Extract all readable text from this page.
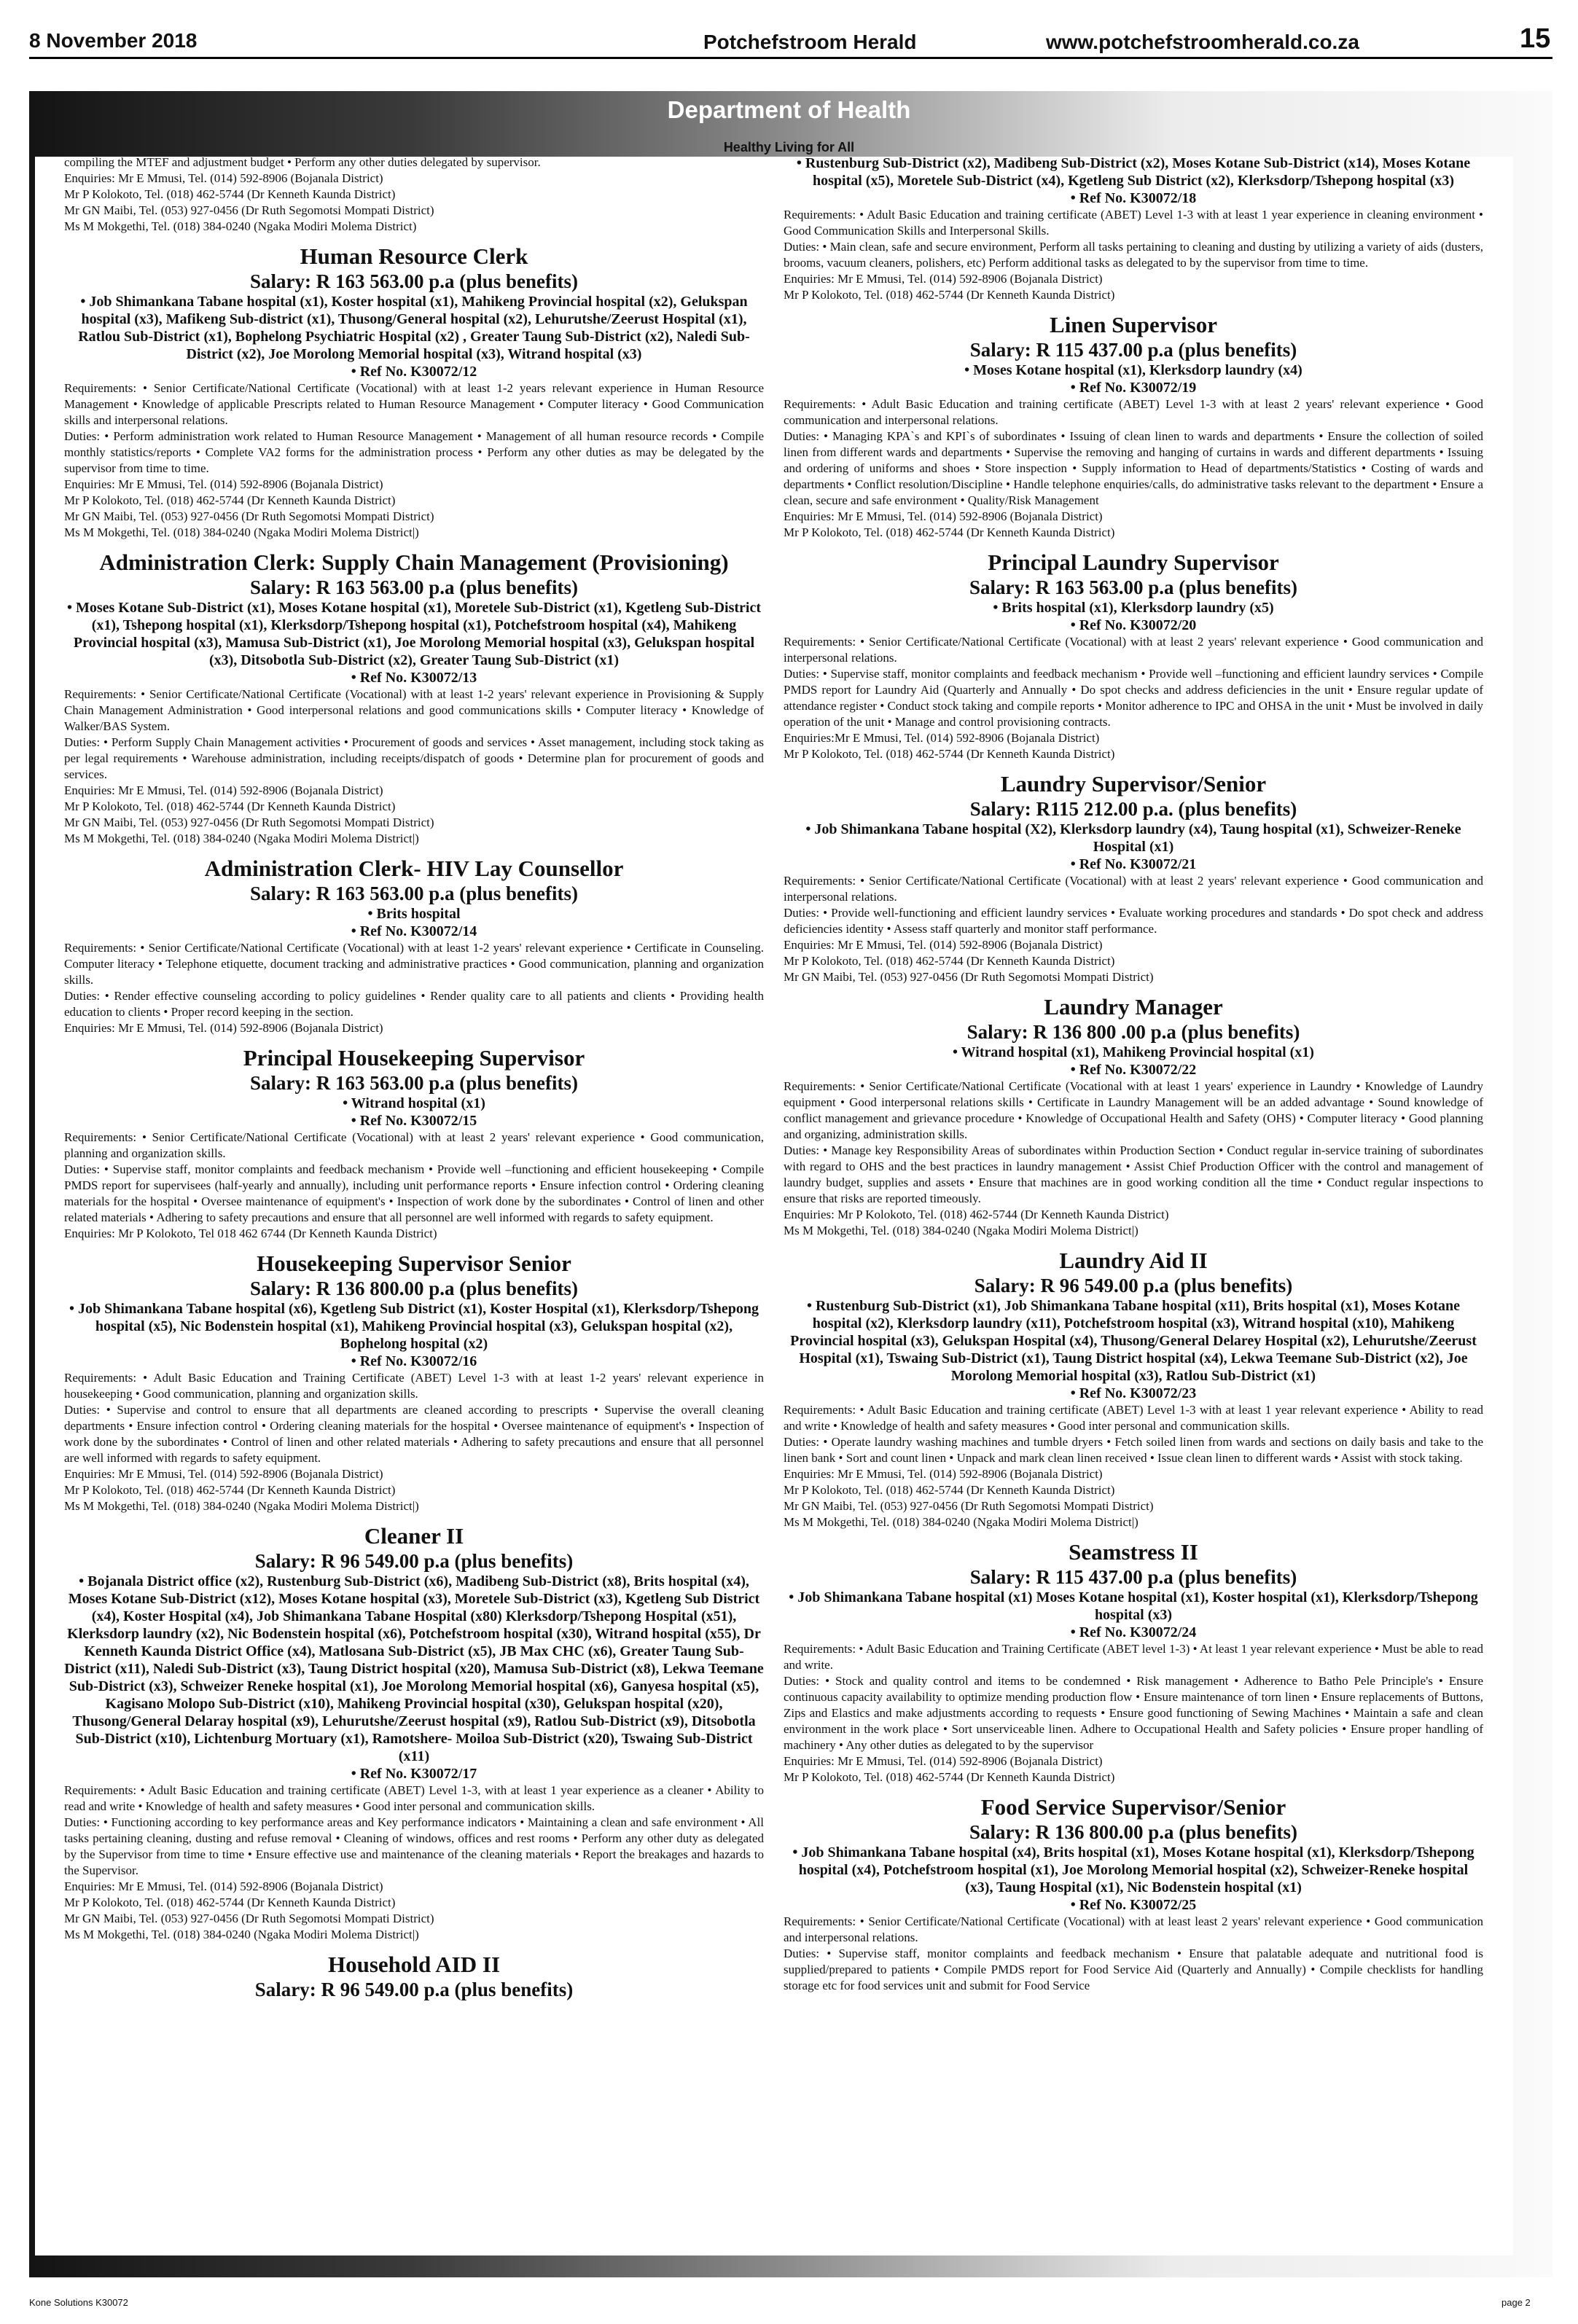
8 November 2018	Potchefstroom Herald	www.potchefstroomherald.co.za	15
Department of Health
Healthy Living for All
compiling the MTEF and adjustment budget • Perform any other duties delegated by supervisor.
Enquiries: Mr E Mmusi, Tel. (014) 592-8906 (Bojanala District)
Mr P Kolokoto, Tel. (018) 462-5744 (Dr Kenneth Kaunda District)
Mr GN Maibi, Tel. (053) 927-0456 (Dr Ruth Segomotsi Mompati District)
Ms M Mokgethi, Tel. (018) 384-0240 (Ngaka Modiri Molema District)
Human Resource Clerk
Salary: R 163 563.00 p.a (plus benefits)
• Job Shimankana Tabane hospital (x1), Koster hospital (x1), Mahikeng Provincial hospital (x2), Gelukspan hospital (x3), Mafikeng Sub-district (x1), Thusong/General hospital (x2), Lehurutshe/Zeerust Hospital (x1), Ratlou Sub-District (x1), Bophelong Psychiatric Hospital (x2) , Greater Taung Sub-District (x2), Naledi Sub-District (x2), Joe Morolong Memorial hospital (x3), Witrand hospital (x3)
• Ref No. K30072/12
Requirements: • Senior Certificate/National Certificate (Vocational) with at least 1-2 years relevant experience in Human Resource Management • Knowledge of applicable Prescripts related to Human Resource Management • Computer literacy • Good Communication skills and interpersonal relations.
Duties: • Perform administration work related to Human Resource Management • Management of all human resource records • Compile monthly statistics/reports • Complete VA2 forms for the administration process • Perform any other duties as may be delegated by the supervisor from time to time.
Enquiries: Mr E Mmusi, Tel. (014) 592-8906 (Bojanala District)
Mr P Kolokoto, Tel. (018) 462-5744 (Dr Kenneth Kaunda District)
Mr GN Maibi, Tel. (053) 927-0456 (Dr Ruth Segomotsi Mompati District)
Ms M Mokgethi, Tel. (018) 384-0240 (Ngaka Modiri Molema District|)
Administration Clerk: Supply Chain Management (Provisioning)
Salary: R 163 563.00 p.a (plus benefits)
• Moses Kotane Sub-District (x1), Moses Kotane hospital (x1), Moretele Sub-District (x1), Kgetleng Sub-District (x1), Tshepong hospital (x1), Klerksdorp/Tshepong hospital (x1), Potchefstroom hospital (x4), Mahikeng Provincial hospital (x3), Mamusa Sub-District (x1), Joe Morolong Memorial hospital (x3), Gelukspan hospital (x3), Ditsobotla Sub-District (x2), Greater Taung Sub-District (x1)
• Ref No. K30072/13
Requirements: • Senior Certificate/National Certificate (Vocational) with at least 1-2 years' relevant experience in Provisioning & Supply Chain Management Administration • Good interpersonal relations and good communications skills • Computer literacy • Knowledge of Walker/BAS System.
Duties: • Perform Supply Chain Management activities • Procurement of goods and services • Asset management, including stock taking as per legal requirements • Warehouse administration, including receipts/dispatch of goods • Determine plan for procurement of goods and services.
Enquiries: Mr E Mmusi, Tel. (014) 592-8906 (Bojanala District)
Mr P Kolokoto, Tel. (018) 462-5744 (Dr Kenneth Kaunda District)
Mr GN Maibi, Tel. (053) 927-0456 (Dr Ruth Segomotsi Mompati District)
Ms M Mokgethi, Tel. (018) 384-0240 (Ngaka Modiri Molema District|)
Administration Clerk- HIV Lay Counsellor
Salary: R 163 563.00 p.a (plus benefits)
• Brits hospital
• Ref No. K30072/14
Requirements: • Senior Certificate/National Certificate (Vocational) with at least 1-2 years' relevant experience • Certificate in Counseling. Computer literacy • Telephone etiquette, document tracking and administrative practices • Good communication, planning and organization skills.
Duties: • Render effective counseling according to policy guidelines • Render quality care to all patients and clients • Providing health education to clients • Proper record keeping in the section.
Enquiries: Mr E Mmusi, Tel. (014) 592-8906 (Bojanala District)
Principal Housekeeping Supervisor
Salary: R 163 563.00 p.a (plus benefits)
• Witrand hospital (x1)
• Ref No. K30072/15
Requirements: • Senior Certificate/National Certificate (Vocational) with at least 2 years' relevant experience • Good communication, planning and organization skills.
Duties: • Supervise staff, monitor complaints and feedback mechanism • Provide well –functioning and efficient housekeeping • Compile PMDS report for supervisees (half-yearly and annually), including unit performance reports • Ensure infection control • Ordering cleaning materials for the hospital • Oversee maintenance of equipment's • Inspection of work done by the subordinates • Control of linen and other related materials • Adhering to safety precautions and ensure that all personnel are well informed with regards to safety equipment.
Enquiries: Mr P Kolokoto, Tel 018 462 6744 (Dr Kenneth Kaunda District)
Housekeeping Supervisor Senior
Salary: R 136 800.00 p.a (plus benefits)
• Job Shimankana Tabane hospital (x6), Kgetleng Sub District (x1), Koster Hospital (x1), Klerksdorp/Tshepong hospital (x5), Nic Bodenstein hospital (x1), Mahikeng Provincial hospital (x3), Gelukspan hospital (x2), Bophelong hospital (x2)
• Ref No. K30072/16
Requirements: • Adult Basic Education and Training Certificate (ABET) Level 1-3 with at least 1-2 years' relevant experience in housekeeping • Good communication, planning and organization skills.
Duties: • Supervise and control to ensure that all departments are cleaned according to prescripts • Supervise the overall cleaning departments • Ensure infection control • Ordering cleaning materials for the hospital • Oversee maintenance of equipment's • Inspection of work done by the subordinates • Control of linen and other related materials • Adhering to safety precautions and ensure that all personnel are well informed with regards to safety equipment.
Enquiries: Mr E Mmusi, Tel. (014) 592-8906 (Bojanala District)
Mr P Kolokoto, Tel. (018) 462-5744 (Dr Kenneth Kaunda District)
Ms M Mokgethi, Tel. (018) 384-0240 (Ngaka Modiri Molema District|)
Cleaner II
Salary: R 96 549.00 p.a (plus benefits)
• Bojanala District office (x2), Rustenburg Sub-District (x6), Madibeng Sub-District (x8), Brits hospital (x4), Moses Kotane Sub-District (x12), Moses Kotane hospital (x3), Moretele Sub-District (x3), Kgetleng Sub District (x4), Koster Hospital (x4), Job Shimankana Tabane Hospital (x80) Klerksdorp/Tshepong Hospital (x51), Klerksdorp laundry (x2), Nic Bodenstein hospital (x6), Potchefstroom hospital (x30), Witrand hospital (x55), Dr Kenneth Kaunda District Office (x4), Matlosana Sub-District (x5), JB Max CHC (x6), Greater Taung Sub-District (x11), Naledi Sub-District (x3), Taung District hospital (x20), Mamusa Sub-District (x8), Lekwa Teemane Sub-District (x3), Schweizer Reneke hospital (x1), Joe Morolong Memorial hospital (x6), Ganyesa hospital (x5), Kagisano Molopo Sub-District (x10), Mahikeng Provincial hospital (x30), Gelukspan hospital (x20), Thusong/General Delaray hospital (x9), Lehurutshe/Zeerust hospital (x9), Ratlou Sub-District (x9), Ditsobotla Sub-District (x10), Lichtenburg Mortuary (x1), Ramotshere- Moiloa Sub-District (x20), Tswaing Sub-District (x11)
• Ref No. K30072/17
Requirements: • Adult Basic Education and training certificate (ABET) Level 1-3, with at least 1 year experience as a cleaner • Ability to read and write • Knowledge of health and safety measures • Good inter personal and communication skills.
Duties: • Functioning according to key performance areas and Key performance indicators • Maintaining a clean and safe environment • All tasks pertaining cleaning, dusting and refuse removal • Cleaning of windows, offices and rest rooms • Perform any other duty as delegated by the Supervisor from time to time • Ensure effective use and maintenance of the cleaning materials • Report the breakages and hazards to the Supervisor.
Enquiries: Mr E Mmusi, Tel. (014) 592-8906 (Bojanala District)
Mr P Kolokoto, Tel. (018) 462-5744 (Dr Kenneth Kaunda District)
Mr GN Maibi, Tel. (053) 927-0456 (Dr Ruth Segomotsi Mompati District)
Ms M Mokgethi, Tel. (018) 384-0240 (Ngaka Modiri Molema District|)
Household AID II
Salary: R 96 549.00 p.a (plus benefits)
• Rustenburg Sub-District (x2), Madibeng Sub-District (x2), Moses Kotane Sub-District (x14), Moses Kotane hospital (x5), Moretele Sub-District (x4), Kgetleng Sub District (x2), Klerksdorp/Tshepong hospital (x3)
• Ref No. K30072/18
Requirements: • Adult Basic Education and training certificate (ABET) Level 1-3 with at least 1 year experience in cleaning environment • Good Communication Skills and Interpersonal Skills.
Duties: • Main clean, safe and secure environment, Perform all tasks pertaining to cleaning and dusting by utilizing a variety of aids (dusters, brooms, vacuum cleaners, polishers, etc) Perform additional tasks as delegated to by the supervisor from time to time.
Enquiries: Mr E Mmusi, Tel. (014) 592-8906 (Bojanala District)
Mr P Kolokoto, Tel. (018) 462-5744 (Dr Kenneth Kaunda District)
Linen Supervisor
Salary: R 115 437.00 p.a (plus benefits)
• Moses Kotane hospital (x1), Klerksdorp laundry (x4)
• Ref No. K30072/19
Requirements: • Adult Basic Education and training certificate (ABET) Level 1-3 with at least 2 years' relevant experience • Good communication and interpersonal relations.
Duties: • Managing KPA`s and KPI`s of subordinates • Issuing of clean linen to wards and departments • Ensure the collection of soiled linen from different wards and departments • Supervise the removing and hanging of curtains in wards and different departments • Issuing and ordering of uniforms and shoes • Store inspection • Supply information to Head of departments/Statistics • Costing of wards and departments • Conflict resolution/Discipline • Handle telephone enquiries/calls, do administrative tasks relevant to the department • Ensure a clean, secure and safe environment • Quality/Risk Management
Enquiries: Mr E Mmusi, Tel. (014) 592-8906 (Bojanala District)
Mr P Kolokoto, Tel. (018) 462-5744 (Dr Kenneth Kaunda District)
Principal Laundry Supervisor
Salary: R 163 563.00 p.a (plus benefits)
• Brits hospital (x1), Klerksdorp laundry (x5)
• Ref No. K30072/20
Requirements: • Senior Certificate/National Certificate (Vocational) with at least 2 years' relevant experience • Good communication and interpersonal relations.
Duties: • Supervise staff, monitor complaints and feedback mechanism • Provide well –functioning and efficient laundry services • Compile PMDS report for Laundry Aid (Quarterly and Annually • Do spot checks and address deficiencies in the unit • Ensure regular update of attendance register • Conduct stock taking and compile reports • Monitor adherence to IPC and OHSA in the unit • Must be involved in daily operation of the unit • Manage and control provisioning contracts.
Enquiries:Mr E Mmusi, Tel. (014) 592-8906 (Bojanala District)
Mr P Kolokoto, Tel. (018) 462-5744 (Dr Kenneth Kaunda District)
Laundry Supervisor/Senior
Salary: R115 212.00 p.a. (plus benefits)
• Job Shimankana Tabane hospital (X2), Klerksdorp laundry (x4), Taung hospital (x1), Schweizer-Reneke Hospital (x1)
• Ref No. K30072/21
Requirements: • Senior Certificate/National Certificate (Vocational) with at least 2 years' relevant experience • Good communication and interpersonal relations.
Duties: • Provide well-functioning and efficient laundry services • Evaluate working procedures and standards • Do spot check and address deficiencies identity • Assess staff quarterly and monitor staff performance.
Enquiries: Mr E Mmusi, Tel. (014) 592-8906 (Bojanala District)
Mr P Kolokoto, Tel. (018) 462-5744 (Dr Kenneth Kaunda District)
Mr GN Maibi, Tel. (053) 927-0456 (Dr Ruth Segomotsi Mompati District)
Laundry Manager
Salary: R 136 800 .00 p.a (plus benefits)
• Witrand hospital (x1), Mahikeng Provincial hospital (x1)
• Ref No. K30072/22
Requirements: • Senior Certificate/National Certificate (Vocational with at least 1 years' experience in Laundry • Knowledge of Laundry equipment • Good interpersonal relations skills • Certificate in Laundry Management will be an added advantage • Sound knowledge of conflict management and grievance procedure • Knowledge of Occupational Health and Safety (OHS) • Computer literacy • Good planning and organizing, administration skills.
Duties: • Manage key Responsibility Areas of subordinates within Production Section • Conduct regular in-service training of subordinates with regard to OHS and the best practices in laundry management • Assist Chief Production Officer with the control and management of laundry budget, supplies and assets • Ensure that machines are in good working condition all the time • Conduct regular inspections to ensure that risks are reported timeously.
Enquiries: Mr P Kolokoto, Tel. (018) 462-5744 (Dr Kenneth Kaunda District)
Ms M Mokgethi, Tel. (018) 384-0240 (Ngaka Modiri Molema District|)
Laundry Aid II
Salary: R 96 549.00 p.a (plus benefits)
• Rustenburg Sub-District (x1), Job Shimankana Tabane hospital (x11), Brits hospital (x1), Moses Kotane hospital (x2), Klerksdorp laundry (x11), Potchefstroom hospital (x3), Witrand hospital (x10), Mahikeng Provincial hospital (x3), Gelukspan Hospital (x4), Thusong/General Delarey Hospital (x2), Lehurutshe/Zeerust Hospital (x1), Tswaing Sub-District (x1), Taung District hospital (x4), Lekwa Teemane Sub-District (x2), Joe Morolong Memorial hospital (x3), Ratlou Sub-District (x1)
• Ref No. K30072/23
Requirements: • Adult Basic Education and training certificate (ABET) Level 1-3 with at least 1 year relevant experience • Ability to read and write • Knowledge of health and safety measures • Good inter personal and communication skills.
Duties: • Operate laundry washing machines and tumble dryers • Fetch soiled linen from wards and sections on daily basis and take to the linen bank • Sort and count linen • Unpack and mark clean linen received • Issue clean linen to different wards • Assist with stock taking.
Enquiries: Mr E Mmusi, Tel. (014) 592-8906 (Bojanala District)
Mr P Kolokoto, Tel. (018) 462-5744 (Dr Kenneth Kaunda District)
Mr GN Maibi, Tel. (053) 927-0456 (Dr Ruth Segomotsi Mompati District)
Ms M Mokgethi, Tel. (018) 384-0240 (Ngaka Modiri Molema District|)
Seamstress II
Salary: R 115 437.00 p.a (plus benefits)
• Job Shimankana Tabane hospital (x1) Moses Kotane hospital (x1), Koster hospital (x1), Klerksdorp/Tshepong hospital (x3)
• Ref No. K30072/24
Requirements: • Adult Basic Education and Training Certificate (ABET level 1-3) • At least 1 year relevant experience • Must be able to read and write.
Duties: • Stock and quality control and items to be condemned • Risk management • Adherence to Batho Pele Principle's • Ensure continuous capacity availability to optimize mending production flow • Ensure maintenance of torn linen • Ensure replacements of Buttons, Zips and Elastics and make adjustments according to requests • Ensure good functioning of Sewing Machines • Maintain a safe and clean environment in the work place • Sort unserviceable linen. Adhere to Occupational Health and Safety policies • Ensure proper handling of machinery • Any other duties as delegated to by the supervisor
Enquiries: Mr E Mmusi, Tel. (014) 592-8906 (Bojanala District)
Mr P Kolokoto, Tel. (018) 462-5744 (Dr Kenneth Kaunda District)
Food Service Supervisor/Senior
Salary: R 136 800.00 p.a (plus benefits)
• Job Shimankana Tabane hospital (x4), Brits hospital (x1), Moses Kotane hospital (x1), Klerksdorp/Tshepong hospital (x4), Potchefstroom hospital (x1), Joe Morolong Memorial hospital (x2), Schweizer-Reneke hospital (x3), Taung Hospital (x1), Nic Bodenstein hospital (x1)
• Ref No. K30072/25
Requirements: • Senior Certificate/National Certificate (Vocational) with at least least 2 years' relevant experience • Good communication and interpersonal relations.
Duties: • Supervise staff, monitor complaints and feedback mechanism • Ensure that palatable adequate and nutritional food is supplied/prepared to patients • Compile PMDS report for Food Service Aid (Quarterly and Annually) • Compile checklists for handling storage etc for food services unit and submit for Food Service
Kone Solutions K30072	page 2
